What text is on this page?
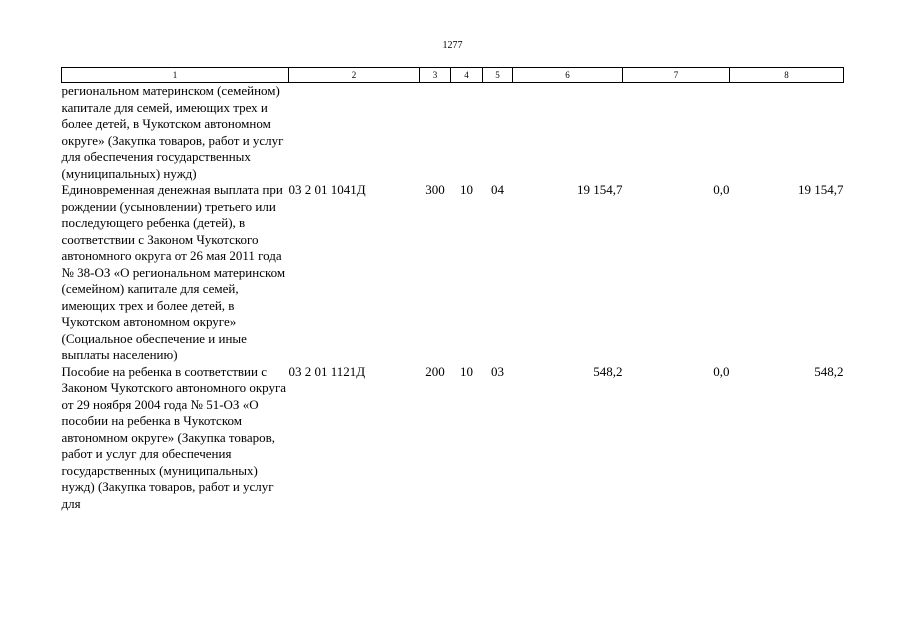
1277
1	2	3	4	5	6	7	8
региональном материнском (семейном) капитале для семей, имеющих трех и более детей, в Чукотском автономном округе» (Закупка товаров, работ и услуг для обеспечения государственных (муниципальных) нужд)							
Единовременная денежная выплата при рождении (усыновлении) третьего или последующего ребенка (детей), в соответствии с Законом Чукотского автономного округа от 26 мая 2011 года № 38-ОЗ «О региональном материнском (семейном) капитале для семей, имеющих трех и более детей, в Чукотском автономном округе» (Социальное обеспечение и иные выплаты населению)	03 2 01 1041Д	300	10	04	19 154,7	0,0	19 154,7
Пособие на ребенка в соответствии с Законом Чукотского автономного округа от 29 ноября 2004 года № 51-ОЗ «О пособии на ребенка в Чукотском автономном округе» (Закупка товаров, работ и услуг для обеспечения государственных (муниципальных) нужд) (Закупка товаров, работ и услуг для	03 2 01 1121Д	200	10	03	548,2	0,0	548,2
